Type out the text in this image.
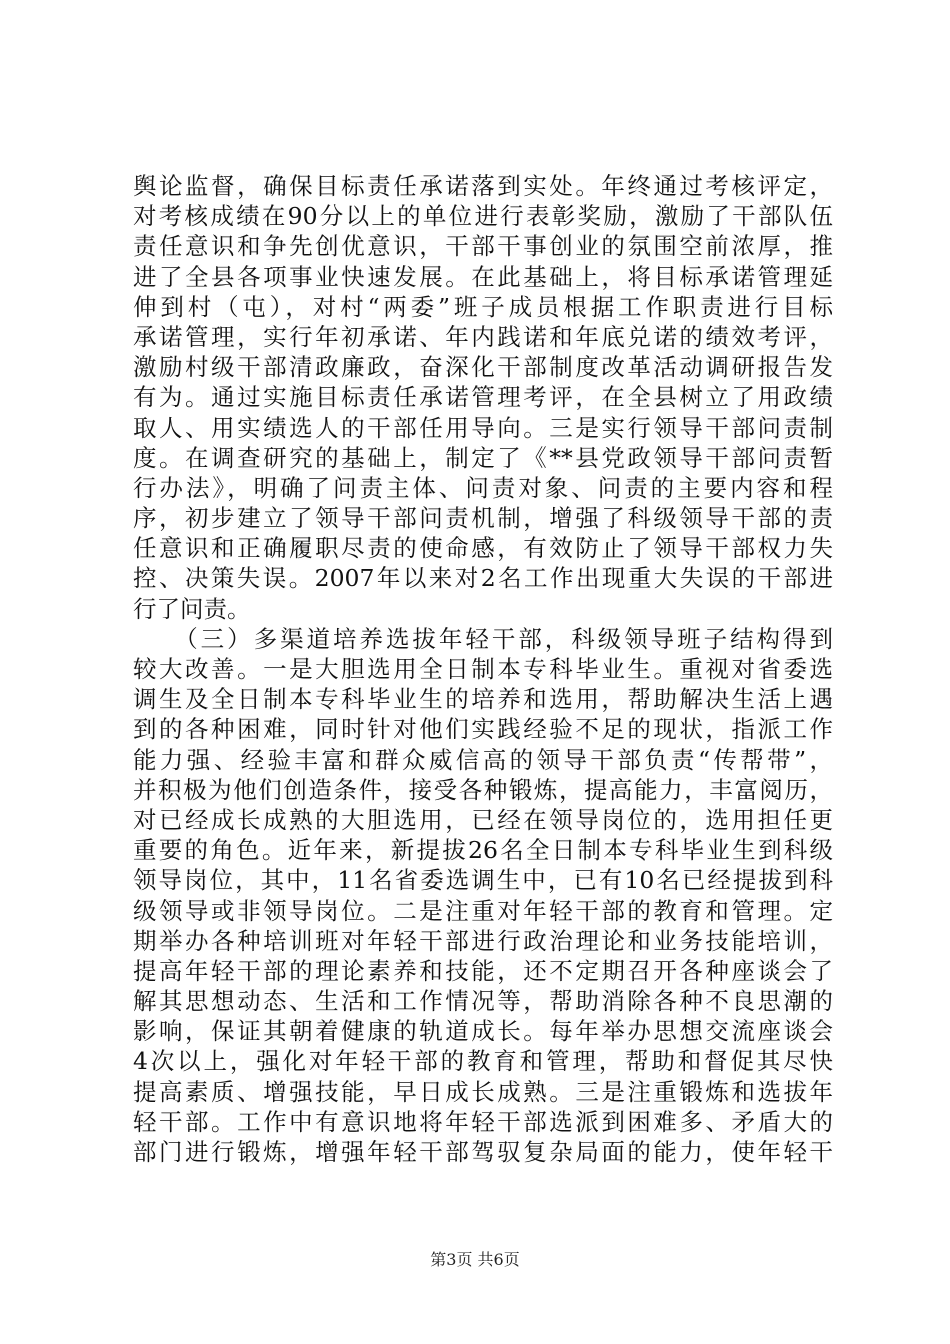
舆论监督，确保目标责任承诺落到实处。年终通过考核评定，
对考核成绩在90分以上的单位进行表彰奖励，激励了干部队伍
责任意识和争先创优意识，干部干事创业的氛围空前浓厚，推
进了全县各项事业快速发展。在此基础上，将目标承诺管理延
伸到村（屯），对村“两委”班子成员根据工作职责进行目标
承诺管理，实行年初承诺、年内践诺和年底兑诺的绩效考评，
激励村级干部清政廉政，奋深化干部制度改革活动调研报告发
有为。通过实施目标责任承诺管理考评，在全县树立了用政绩
取人、用实绩选人的干部任用导向。三是实行领导干部问责制
度。在调查研究的基础上，制定了《**县党政领导干部问责暂
行办法》，明确了问责主体、问责对象、问责的主要内容和程
序，初步建立了领导干部问责机制，增强了科级领导干部的责
任意识和正确履职尽责的使命感，有效防止了领导干部权力失
控、决策失误。2007年以来对2名工作出现重大失误的干部进
行了问责。
　　（三）多渠道培养选拔年轻干部，科级领导班子结构得到
较大改善。一是大胆选用全日制本专科毕业生。重视对省委选
调生及全日制本专科毕业生的培养和选用，帮助解决生活上遇
到的各种困难，同时针对他们实践经验不足的现状，指派工作
能力强、经验丰富和群众威信高的领导干部负责“传帮带”，
并积极为他们创造条件，接受各种锻炼，提高能力，丰富阅历，
对已经成长成熟的大胆选用，已经在领导岗位的，选用担任更
重要的角色。近年来，新提拔26名全日制本专科毕业生到科级
领导岗位，其中，11名省委选调生中，已有10名已经提拔到科
级领导或非领导岗位。二是注重对年轻干部的教育和管理。定
期举办各种培训班对年轻干部进行政治理论和业务技能培训，
提高年轻干部的理论素养和技能，还不定期召开各种座谈会了
解其思想动态、生活和工作情况等，帮助消除各种不良思潮的
影响，保证其朝着健康的轨道成长。每年举办思想交流座谈会
4次以上，强化对年轻干部的教育和管理，帮助和督促其尽快
提高素质、增强技能，早日成长成熟。三是注重锻炼和选拔年
轻干部。工作中有意识地将年轻干部选派到困难多、矛盾大的
部门进行锻炼，增强年轻干部驾驭复杂局面的能力，使年轻干
第3页 共6页
